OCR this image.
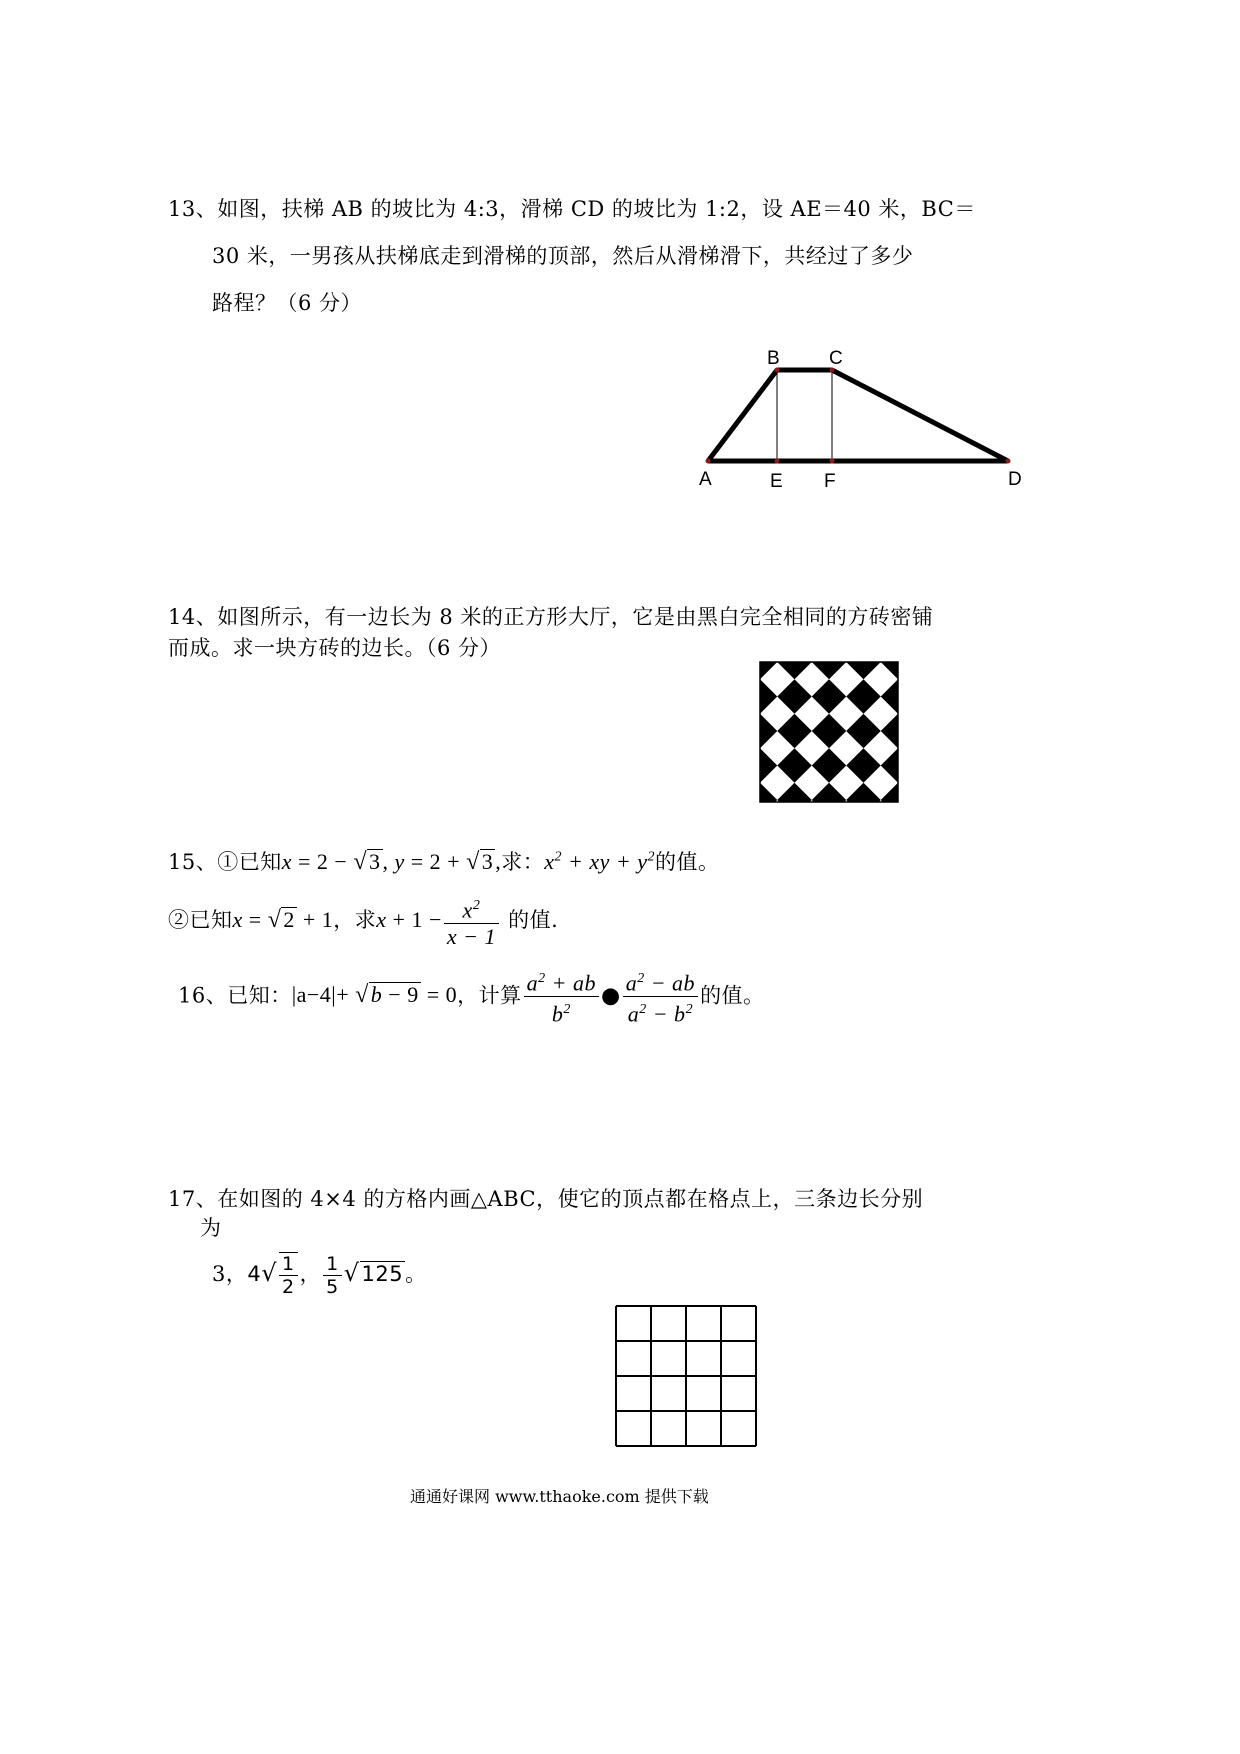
13、如图，扶梯 AB 的坡比为 4:3，滑梯 CD 的坡比为 1:2，设 AE＝40 米，BC＝
30 米，一男孩从扶梯底走到滑梯的顶部，然后从滑梯滑下，共经过了多少
路程？（6 分）
B	C
A	E F	D
14、如图所示，有一边长为 8 米的正方形大厅，它是由黑白完全相同的方砖密铺
而成。求一块方砖的边长。（6 分）
15、①已知x = 2 − √3, y = 2 + √3,求：$x^2$ + xy + $y^2$的值。
②已知x = √2 + 1，求$x + 1 - \frac{x^2}{x - 1}$ 的值.
16、已知：|a−4|+ √b − 9 = 0，计算 $\frac{a^2 + ab}{b^2}$ ● $\frac{a^2 - ab}{a^2 - b^2}$ 的值。
17、在如图的 4×4 的方格内画△ABC，使它的顶点都在格点上，三条边长分别
为
3，$4√ \frac{1}{2}$ ， $\frac{1}{5} √125$。
通通好课网 www.tthaoke.com 提供下载
